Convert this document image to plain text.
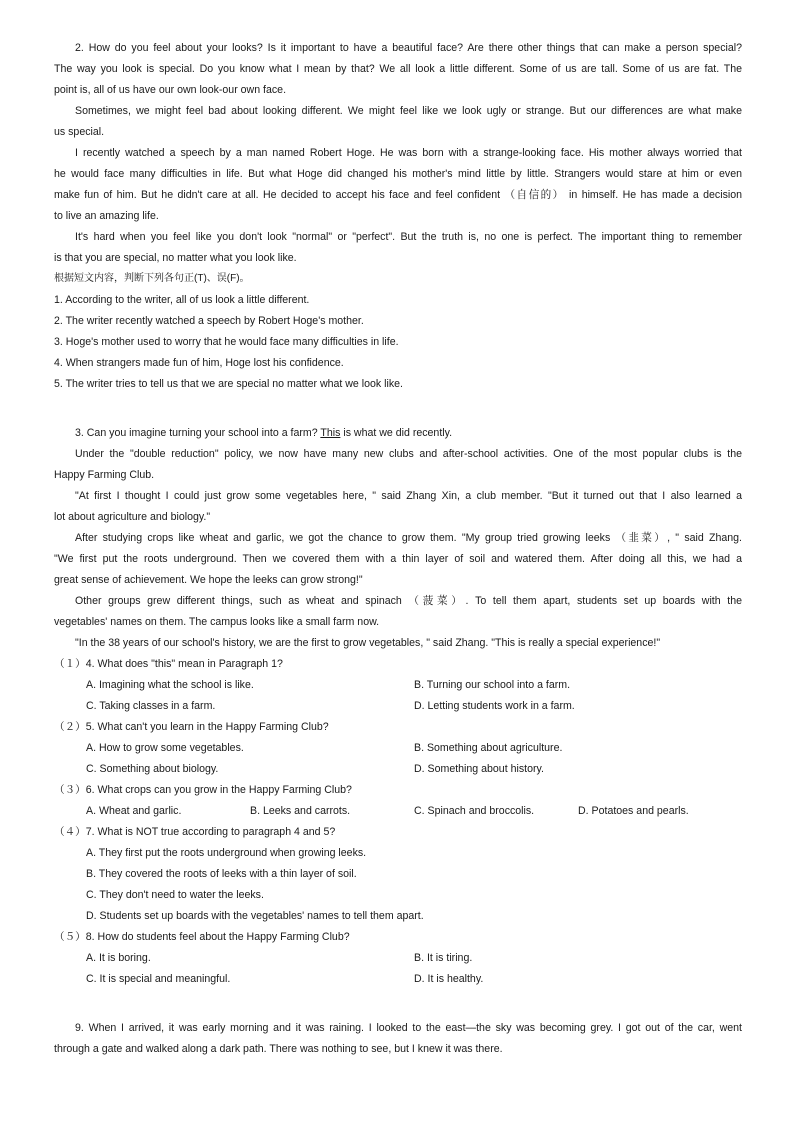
2. How do you feel about your looks? Is it important to have a beautiful face? Are there other things that can make a person special?
The way you look is special. Do you know what I mean by that? We all look a little different. Some of us are tall. Some of us are fat. The
point is, all of us have our own look-our own face.
Sometimes, we might feel bad about looking different. We might feel like we look ugly or strange. But our differences are what make
us special.
I recently watched a speech by a man named Robert Hoge. He was born with a strange-looking face. His mother always worried that
he would face many difficulties in life. But what Hoge did changed his mother's mind little by little. Strangers would stare at him or even
make fun of him. But he didn't care at all. He decided to accept his face and feel confident （自信的） in himself. He has made a decision
to live an amazing life.
It's hard when you feel like you don't look "normal" or "perfect". But the truth is, no one is perfect. The important thing to remember
is that you are special, no matter what you look like.
根据短文内容，判断下列各句正(T)、误(F)。
1. According to the writer, all of us look a little different.
2. The writer recently watched a speech by Robert Hoge's mother.
3. Hoge's mother used to worry that he would face many difficulties in life.
4. When strangers made fun of him, Hoge lost his confidence.
5. The writer tries to tell us that we are special no matter what we look like.
3. Can you imagine turning your school into a farm? This is what we did recently.
Under the "double reduction" policy, we now have many new clubs and after-school activities. One of the most popular clubs is the
Happy Farming Club.
"At first I thought I could just grow some vegetables here, " said Zhang Xin, a club member. "But it turned out that I also learned a
lot about agriculture and biology."
After studying crops like wheat and garlic, we got the chance to grow them. "My group tried growing leeks （韭菜）, " said Zhang.
"We first put the roots underground. Then we covered them with a thin layer of soil and watered them. After doing all this, we had a
great sense of achievement. We hope the leeks can grow strong!"
Other groups grew different things, such as wheat and spinach （菠菜）. To tell them apart, students set up boards with the
vegetables' names on them. The campus looks like a small farm now.
"In the 38 years of our school's history, we are the first to grow vegetables, " said Zhang. "This is really a special experience!"
（１）4. What does "this" mean in Paragraph 1?
A. Imagining what the school is like.	B. Turning our school into a farm.
C. Taking classes in a farm.	D. Letting students work in a farm.
（２）5. What can't you learn in the Happy Farming Club?
A. How to grow some vegetables.	B. Something about agriculture.
C. Something about biology.	D. Something about history.
（３）6. What crops can you grow in the Happy Farming Club?
A. Wheat and garlic.	B. Leeks and carrots.	C. Spinach and broccolis.	D. Potatoes and pearls.
（４）7. What is NOT true according to paragraph 4 and 5?
A. They first put the roots underground when growing leeks.
B. They covered the roots of leeks with a thin layer of soil.
C. They don't need to water the leeks.
D. Students set up boards with the vegetables' names to tell them apart.
（５）8. How do students feel about the Happy Farming Club?
A. It is boring.	B. It is tiring.
C. It is special and meaningful.	D. It is healthy.
9. When I arrived, it was early morning and it was raining. I looked to the east—the sky was becoming grey. I got out of the car, went
through a gate and walked along a dark path. There was nothing to see, but I knew it was there.
